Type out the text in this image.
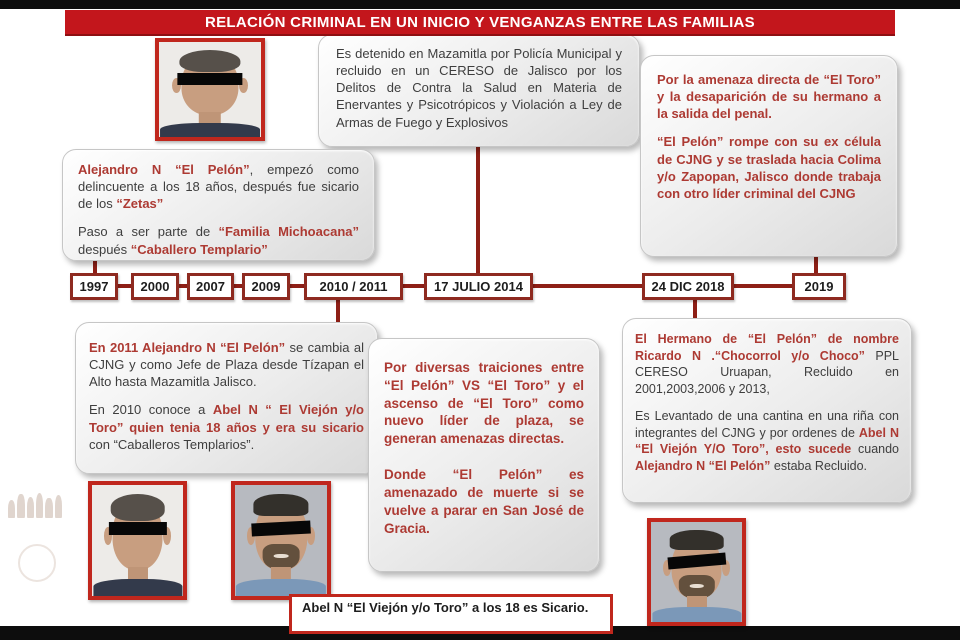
RELACIÓN CRIMINAL EN UN INICIO Y VENGANZAS ENTRE LAS FAMILIAS
1997	2000	2007	2009	2010 / 2011	17 JULIO 2014	24 DIC 2018	2019

Es detenido en Mazamitla por Policía Municipal y recluido en un CERESO de Jalisco por los Delitos de Contra la Salud en Materia de Enervantes y Psicotrópicos y Violación a Ley de Armas de Fuego y Explosivos

Por la amenaza directa de “El Toro” y la desaparición de su hermano a la salida del penal.

“El Pelón” rompe con su ex célula de CJNG y se traslada hacia Colima y/o Zapopan, Jalisco donde trabaja con otro líder criminal del CJNG

Alejandro N “El Pelón”, empezó como delincuente a los 18 años, después fue sicario de los “Zetas”

Paso a ser parte de “Familia Michoacana” después “Caballero Templario”

En 2011 Alejandro N “El Pelón” se cambia al CJNG y como Jefe de Plaza desde Tízapan el Alto hasta Mazamitla Jalisco.

En 2010 conoce a Abel N “ El Viejón y/o Toro” quien tenia 18 años y era su sicario con “Caballeros Templarios”.

Por diversas traiciones entre “El Pelón” VS “El Toro” y el ascenso de “El Toro” como nuevo líder de plaza, se generan amenazas directas.

Donde “El Pelón” es amenazado de muerte si se vuelve a parar en San José de Gracia.

El Hermano de “El Pelón” de nombre Ricardo N .“Chocorrol y/o Choco” PPL CERESO Uruapan, Recluido en 2001,2003,2006 y 2013,

Es Levantado de una cantina en una riña con integrantes del CJNG y por ordenes de Abel N “El Viejón Y/O Toro”, esto sucede cuando Alejandro N “El Pelón” estaba Recluido.

Abel N “El Viejón y/o Toro” a los 18 es Sicario.
